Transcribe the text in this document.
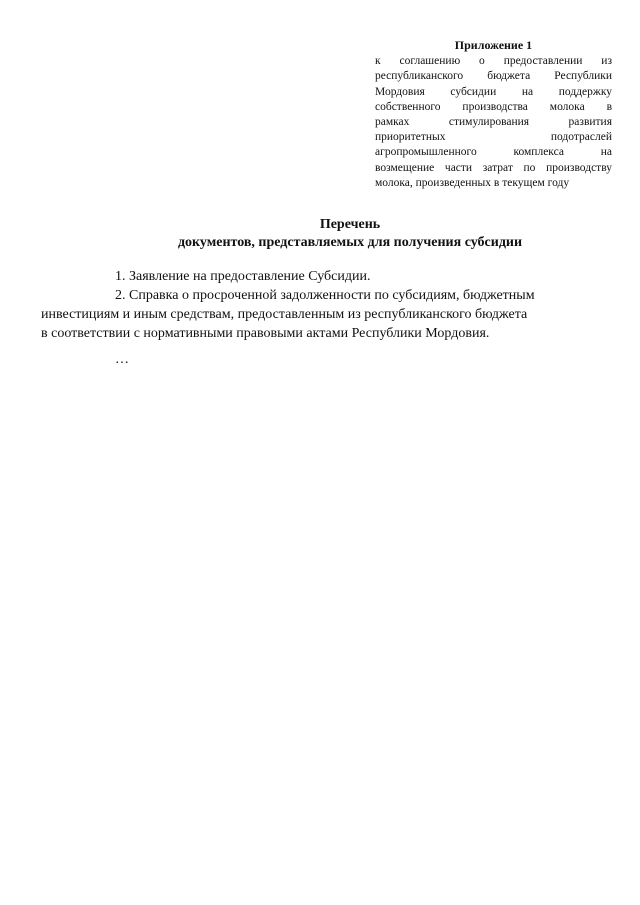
Приложение 1
к соглашению о предоставлении из
республиканского бюджета Республики
Мордовия субсидии на поддержку
собственного производства молока в
рамках стимулирования развития
приоритетных подотраслей
агропромышленного комплекса на
возмещение части затрат по производству
молока, произведенных в текущем году
Перечень
документов, представляемых для получения субсидии
1. Заявление на предоставление Субсидии.
2. Справка о просроченной задолженности по субсидиям, бюджетным
инвестициям и иным средствам, предоставленным из республиканского бюджета
в соответствии с нормативными правовыми актами Республики Мордовия.
…
